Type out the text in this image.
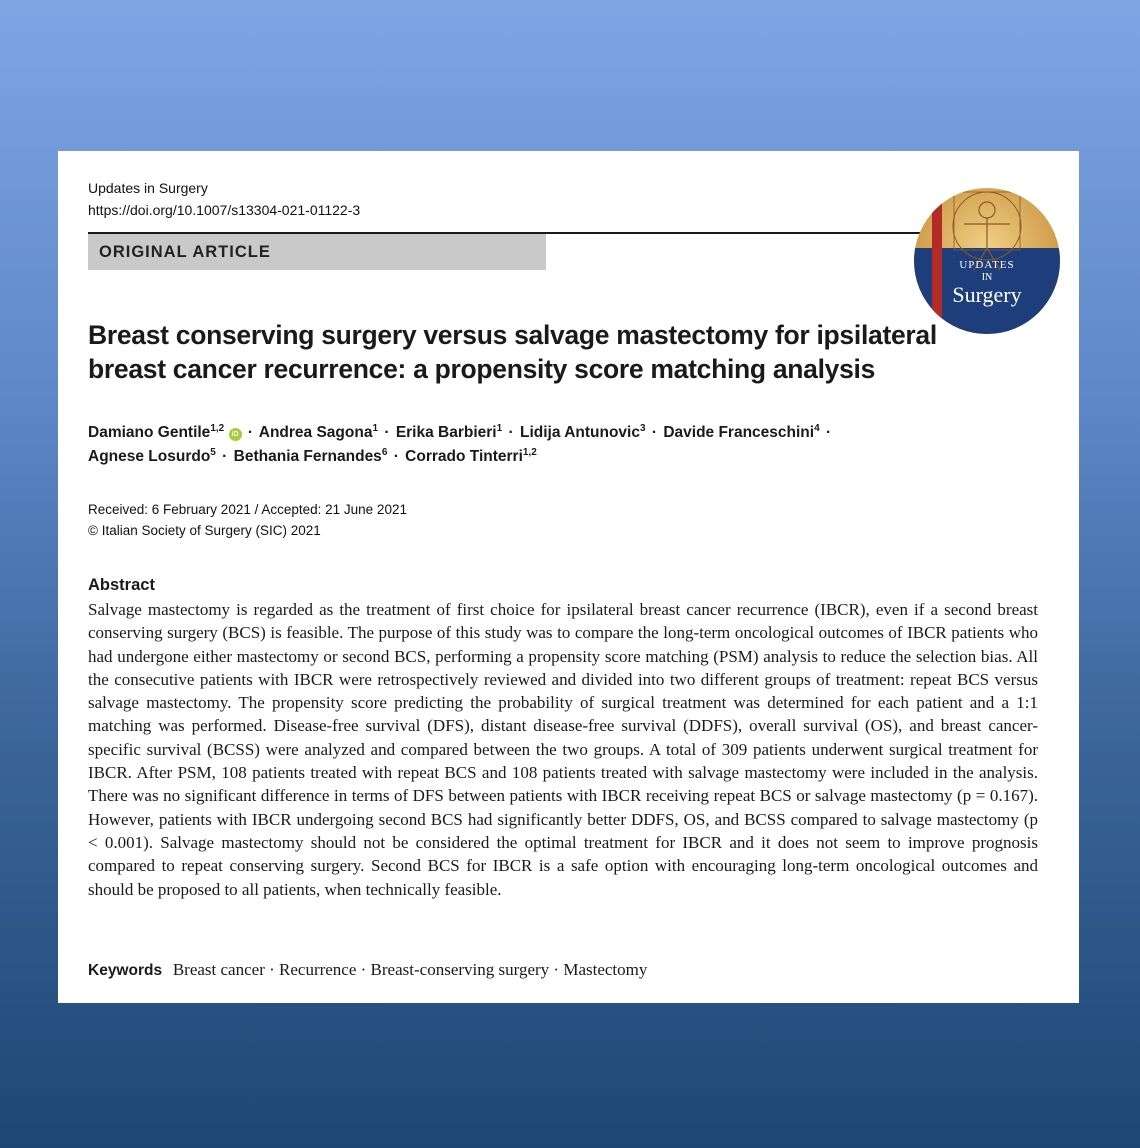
Updates in Surgery
https://doi.org/10.1007/s13304-021-01122-3
ORIGINAL ARTICLE
UPDATES
IN
Surgery
Breast conserving surgery versus salvage mastectomy for ipsilateral breast cancer recurrence: a propensity score matching analysis
Damiano Gentile$^{1,2}$ iD · Andrea Sagona$^1$ · Erika Barbieri$^1$ · Lidija Antunovic$^3$ · Davide Franceschini$^4$ ·
Agnese Losurdo$^5$ · Bethania Fernandes$^6$ · Corrado Tinterri$^{1,2}$
Received: 6 February 2021 / Accepted: 21 June 2021
© Italian Society of Surgery (SIC) 2021
Abstract

Salvage mastectomy is regarded as the treatment of first choice for ipsilateral breast cancer recurrence (IBCR), even if a second breast conserving surgery (BCS) is feasible. The purpose of this study was to compare the long-term oncological outcomes of IBCR patients who had undergone either mastectomy or second BCS, performing a propensity score matching (PSM) analysis to reduce the selection bias. All the consecutive patients with IBCR were retrospectively reviewed and divided into two different groups of treatment: repeat BCS versus salvage mastectomy. The propensity score predicting the probability of surgical treatment was determined for each patient and a 1:1 matching was performed. Disease-free survival (DFS), distant disease-free survival (DDFS), overall survival (OS), and breast cancer-specific survival (BCSS) were analyzed and compared between the two groups. A total of 309 patients underwent surgical treatment for IBCR. After PSM, 108 patients treated with repeat BCS and 108 patients treated with salvage mastectomy were included in the analysis. There was no significant difference in terms of DFS between patients with IBCR receiving repeat BCS or salvage mastectomy (p = 0.167). However, patients with IBCR undergoing second BCS had significantly better DDFS, OS, and BCSS compared to salvage mastectomy (p < 0.001). Salvage mastectomy should not be considered the optimal treatment for IBCR and it does not seem to improve prognosis compared to repeat conserving surgery. Second BCS for IBCR is a safe option with encouraging long-term oncological outcomes and should be proposed to all patients, when technically feasible.

Keywords Breast cancer · Recurrence · Breast-conserving surgery · Mastectomy
